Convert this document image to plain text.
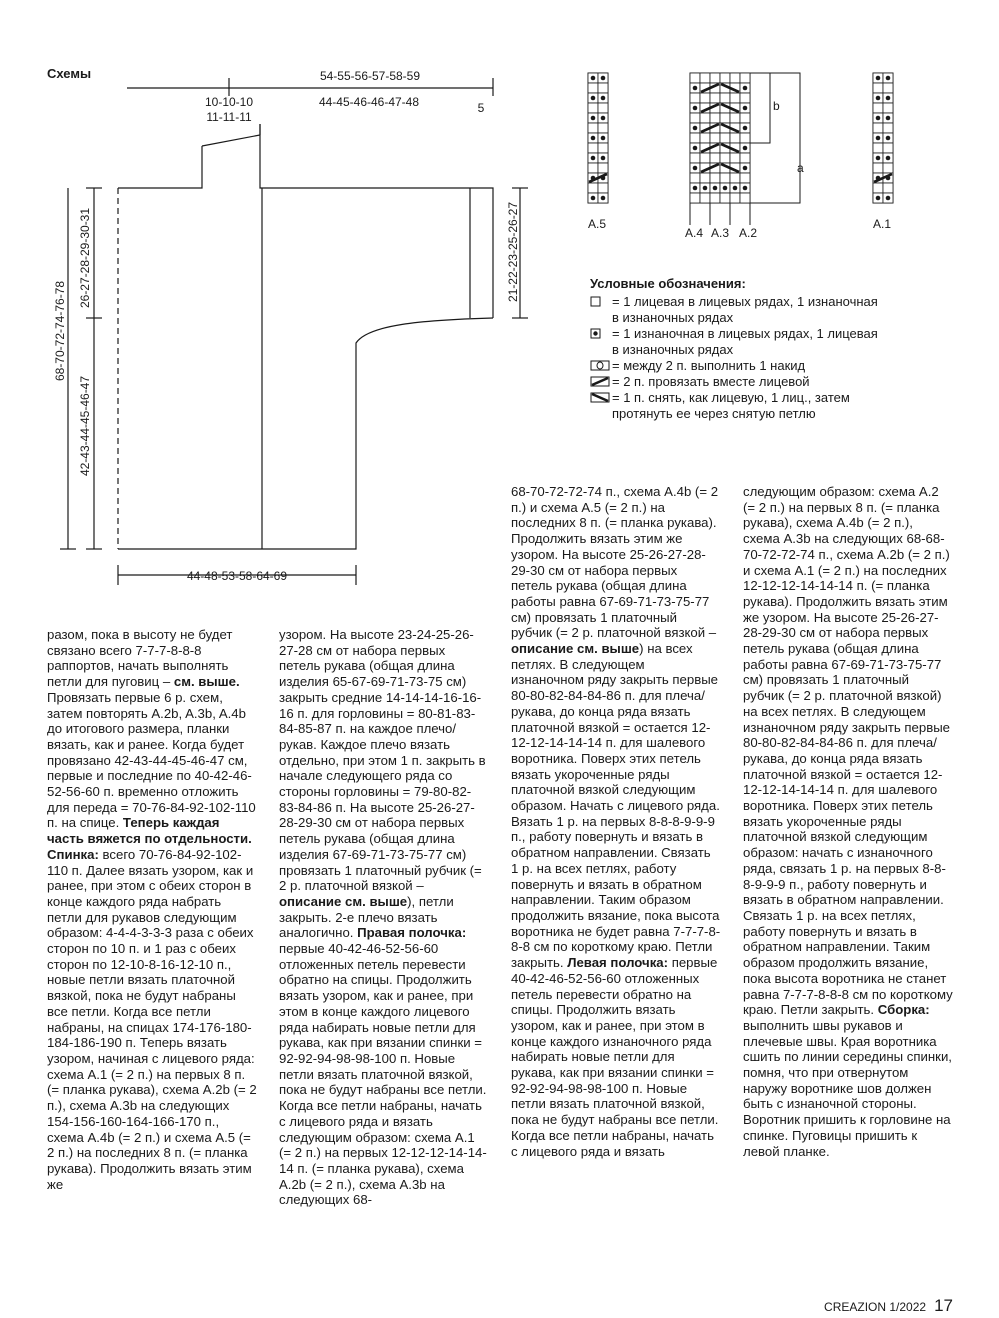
Схемы	54-55-56-57-58-59
10-10-10
11-11-11
44-45-46-46-47-48	5
68-70-72-74-76-78
26-27-28-29-30-31
42-43-44-45-46-47
21-22-23-25-26-27
44-48-53-58-64-69
b
a
A.5
A.4 A.3 A.2
A.1
Условные обозначения:
= 1 лицевая в лицевых рядах, 1 изнаночная
в изнаночных рядах
= 1 изнаночная в лицевых рядах, 1 лицевая
в изнаночных рядах
= между 2 п. выполнить 1 накид
= 2 п. провязать вместе лицевой
= 1 п. снять, как лицевую, 1 лиц., затем
протянуть ее через снятую петлю

разом, пока в высоту не будет связано всего 7-7-7-8-8-8 раппортов, начать выполнять петли для пуговиц – см. выше. Провязать первые 6 р. схем, затем повторять A.2b, A.3b, A.4b до итогового размера, планки вязать, как и ранее. Когда будет провязано 42-43-44-45-46-47 см, первые и последние по 40-42-46-52-56-60 п. временно отложить для переда = 70-76-84-92-102-110 п. на спице. Теперь каждая часть вяжется по отдельности. Спинка: всего 70-76-84-92-102-110 п. Далее вязать узором, как и ранее, при этом с обеих сторон в конце каждого ряда набрать петли для рукавов следующим образом: 4-4-4-3-3-3 раза с обеих сторон по 10 п. и 1 раз с обеих сторон по 12-10-8-16-12-10 п., новые петли вязать платочной вязкой, пока не будут набраны все петли. Когда все петли набраны, на спицах 174-176-180-184-186-190 п. Теперь вязать узором, начиная с лицевого ряда: схема A.1 (= 2 п.) на первых 8 п. (= планка рукава), схема A.2b (= 2 п.), схема A.3b на следующих 154-156-160-164-166-170 п., схема A.4b (= 2 п.) и схема A.5 (= 2 п.) на последних 8 п. (= планка рукава). Продолжить вязать этим же

узором. На высоте 23-24-25-26-27-28 см от набора первых петель рукава (общая длина изделия 65-67-69-71-73-75 см) закрыть средние 14-14-14-16-16-16 п. для горловины = 80-81-83-84-85-87 п. на каждое плечо/рукав. Каждое плечо вязать отдельно, при этом 1 п. закрыть в начале следующего ряда со стороны горловины = 79-80-82-83-84-86 п. На высоте 25-26-27-28-29-30 см от набора первых петель рукава (общая длина изделия 67-69-71-73-75-77 см) провязать 1 платочный рубчик (= 2 р. платочной вязкой – описание см. выше), петли закрыть. 2-е плечо вязать аналогично. Правая полочка: первые 40-42-46-52-56-60 отложенных петель перевести обратно на спицы. Продолжить вязать узором, как и ранее, при этом в конце каждого лицевого ряда набирать новые петли для рукава, как при вязании спинки = 92-92-94-98-98-100 п. Новые петли вязать платочной вязкой, пока не будут набраны все петли. Когда все петли набраны, начать с лицевого ряда и вязать следующим образом: схема A.1 (= 2 п.) на первых 12-12-12-14-14-14 п. (= планка рукава), схема A.2b (= 2 п.), схема A.3b на следующих 68-

68-70-72-72-74 п., схема A.4b (= 2 п.) и схема A.5 (= 2 п.) на последних 8 п. (= планка рукава). Продолжить вязать этим же узором. На высоте 25-26-27-28-29-30 см от набора первых петель рукава (общая длина работы равна 67-69-71-73-75-77 см) провязать 1 платочный рубчик (= 2 р. платочной вязкой – описание см. выше) на всех петлях. В следующем изнаночном ряду закрыть первые 80-80-82-84-84-86 п. для плеча/рукава, до конца ряда вязать платочной вязкой = остается 12-12-12-14-14-14 п. для шалевого воротника. Поверх этих петель вязать укороченные ряды платочной вязкой следующим образом. Начать с лицевого ряда. Вязать 1 р. на первых 8-8-8-9-9-9 п., работу повернуть и вязать в обратном направлении. Связать 1 р. на всех петлях, работу повернуть и вязать в обратном направлении. Таким образом продолжить вязание, пока высота воротника не будет равна 7-7-7-8-8-8 см по короткому краю. Петли закрыть. Левая полочка: первые 40-42-46-52-56-60 отложенных петель перевести обратно на спицы. Продолжить вязать узором, как и ранее, при этом в конце каждого изнаночного ряда набирать новые петли для рукава, как при вязании спинки = 92-92-94-98-98-100 п. Новые петли вязать платочной вязкой, пока не будут набраны все петли. Когда все петли набраны, начать с лицевого ряда и вязать

следующим образом: схема A.2 (= 2 п.) на первых 8 п. (= планка рукава), схема A.4b (= 2 п.), схема A.3b на следующих 68-68-70-72-72-74 п., схема A.2b (= 2 п.) и схема A.1 (= 2 п.) на последних 12-12-12-14-14-14 п. (= планка рукава). Продолжить вязать этим же узором. На высоте 25-26-27-28-29-30 см от набора первых петель рукава (общая длина работы равна 67-69-71-73-75-77 см) провязать 1 платочный рубчик (= 2 р. платочной вязкой) на всех петлях. В следующем изнаночном ряду закрыть первые 80-80-82-84-84-86 п. для плеча/рукава, до конца ряда вязать платочной вязкой = остается 12-12-12-14-14-14 п. для шалевого воротника. Поверх этих петель вязать укороченные ряды платочной вязкой следующим образом: начать с изнаночного ряда, связать 1 р. на первых 8-8-8-9-9-9 п., работу повернуть и вязать в обратном направлении. Связать 1 р. на всех петлях, работу повернуть и вязать в обратном направлении. Таким образом продолжить вязание, пока высота воротника не станет равна 7-7-7-8-8-8 см по короткому краю. Петли закрыть. Сборка: выполнить швы рукавов и плечевые швы. Края воротника сшить по линии середины спинки, помня, что при отвернутом наружу воротнике шов должен быть с изнаночной стороны. Воротник пришить к горловине на спинке. Пуговицы пришить к левой планке.

CREAZION 1/2022 17
